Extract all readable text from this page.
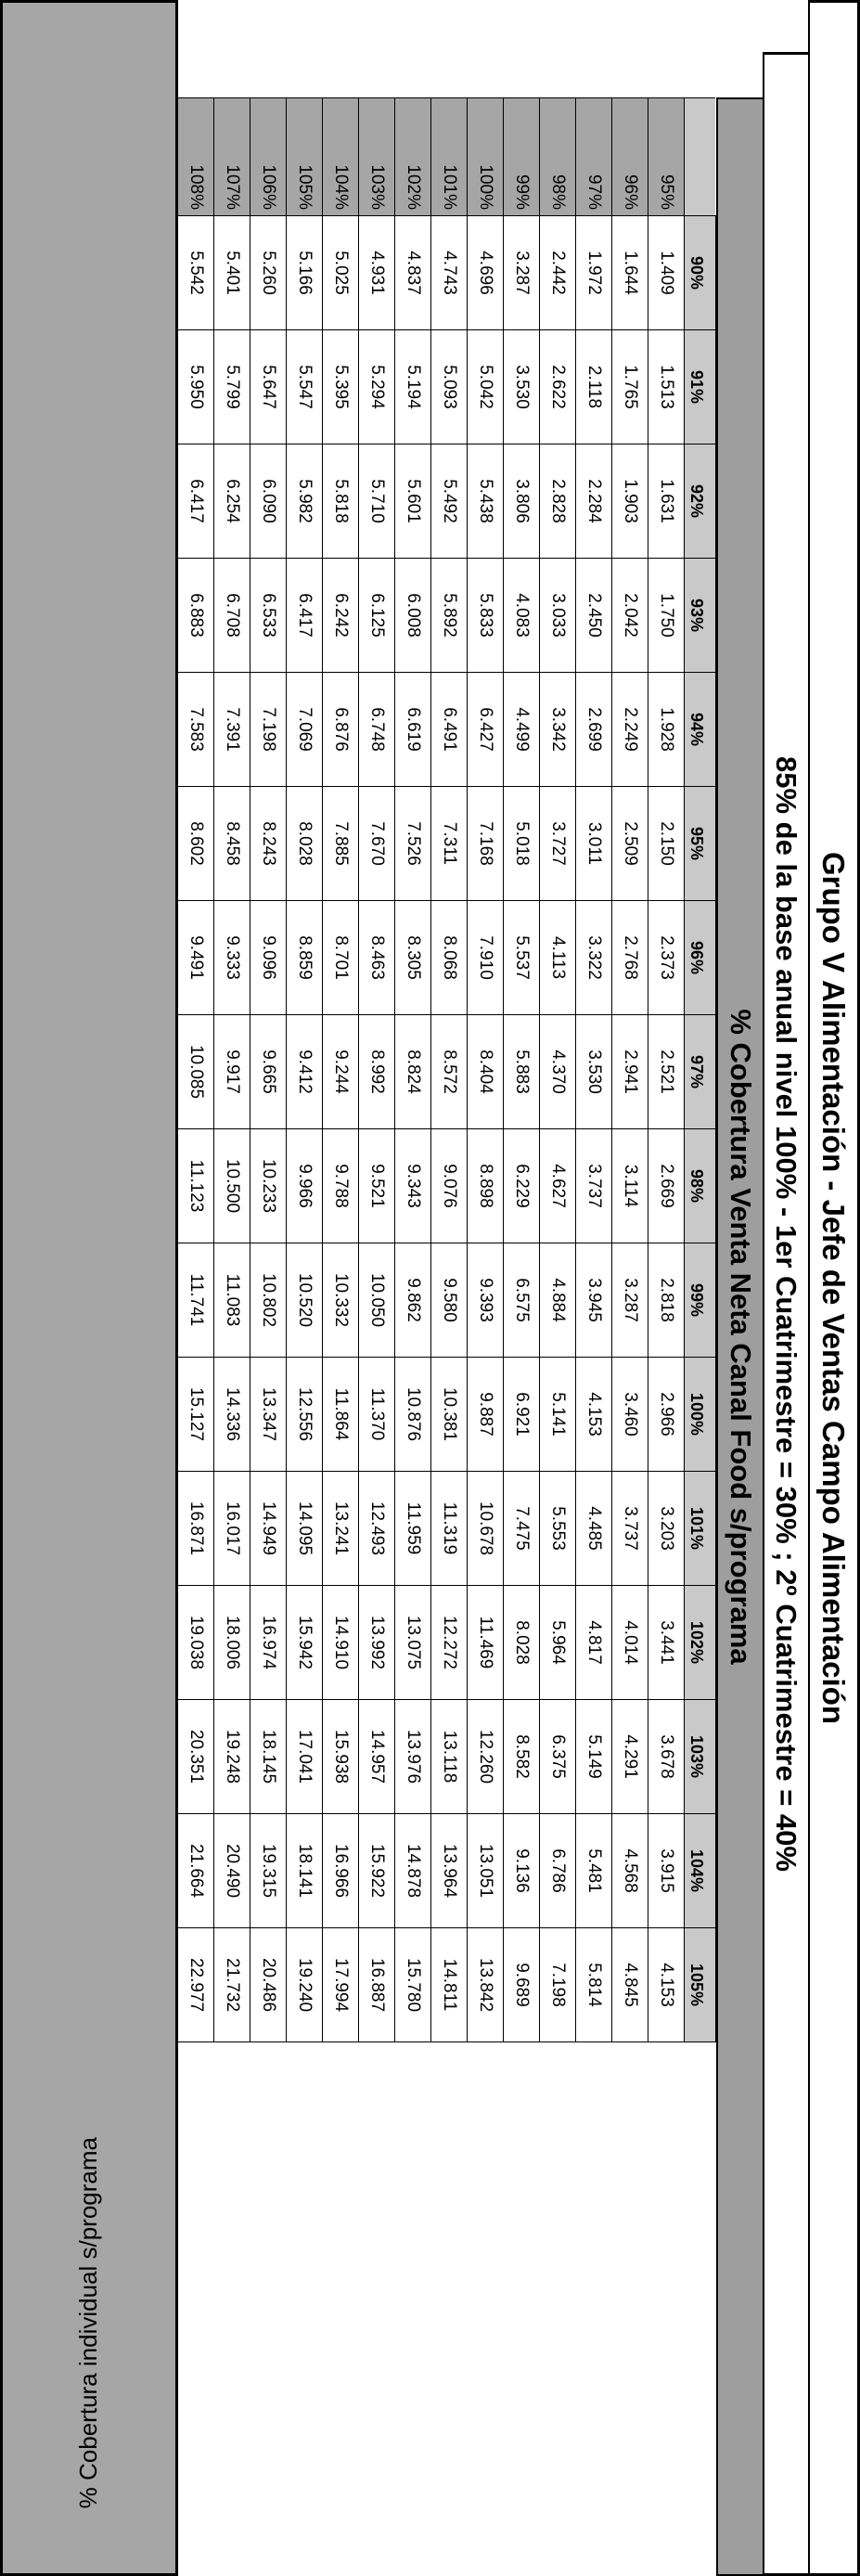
Grupo V Alimentación - Jefe de Ventas Campo Alimentación
85% de la base anual nivel 100% - 1er Cuatrimestre = 30% ; 2º Cuatrimestre = 40%
% Cobertura Venta Neta Canal Food s/programa
	90%	91%	92%	93%	94%	95%	96%	97%	98%	99%	100%	101%	102%	103%	104%	105%
95%	1.409	1.513	1.631	1.750	1.928	2.150	2.373	2.521	2.669	2.818	2.966	3.203	3.441	3.678	3.915	4.153
96%	1.644	1.765	1.903	2.042	2.249	2.509	2.768	2.941	3.114	3.287	3.460	3.737	4.014	4.291	4.568	4.845
97%	1.972	2.118	2.284	2.450	2.699	3.011	3.322	3.530	3.737	3.945	4.153	4.485	4.817	5.149	5.481	5.814
98%	2.442	2.622	2.828	3.033	3.342	3.727	4.113	4.370	4.627	4.884	5.141	5.553	5.964	6.375	6.786	7.198
99%	3.287	3.530	3.806	4.083	4.499	5.018	5.537	5.883	6.229	6.575	6.921	7.475	8.028	8.582	9.136	9.689
100%	4.696	5.042	5.438	5.833	6.427	7.168	7.910	8.404	8.898	9.393	9.887	10.678	11.469	12.260	13.051	13.842
101%	4.743	5.093	5.492	5.892	6.491	7.311	8.068	8.572	9.076	9.580	10.381	11.319	12.272	13.118	13.964	14.811
102%	4.837	5.194	5.601	6.008	6.619	7.526	8.305	8.824	9.343	9.862	10.876	11.959	13.075	13.976	14.878	15.780
103%	4.931	5.294	5.710	6.125	6.748	7.670	8.463	8.992	9.521	10.050	11.370	12.493	13.992	14.957	15.922	16.887
104%	5.025	5.395	5.818	6.242	6.876	7.885	8.701	9.244	9.788	10.332	11.864	13.241	14.910	15.938	16.966	17.994
105%	5.166	5.547	5.982	6.417	7.069	8.028	8.859	9.412	9.966	10.520	12.556	14.095	15.942	17.041	18.141	19.240
106%	5.260	5.647	6.090	6.533	7.198	8.243	9.096	9.665	10.233	10.802	13.347	14.949	16.974	18.145	19.315	20.486
107%	5.401	5.799	6.254	6.708	7.391	8.458	9.333	9.917	10.500	11.083	14.336	16.017	18.006	19.248	20.490	21.732
108%	5.542	5.950	6.417	6.883	7.583	8.602	9.491	10.085	11.123	11.741	15.127	16.871	19.038	20.351	21.664	22.977

% Cobertura individual s/programa
